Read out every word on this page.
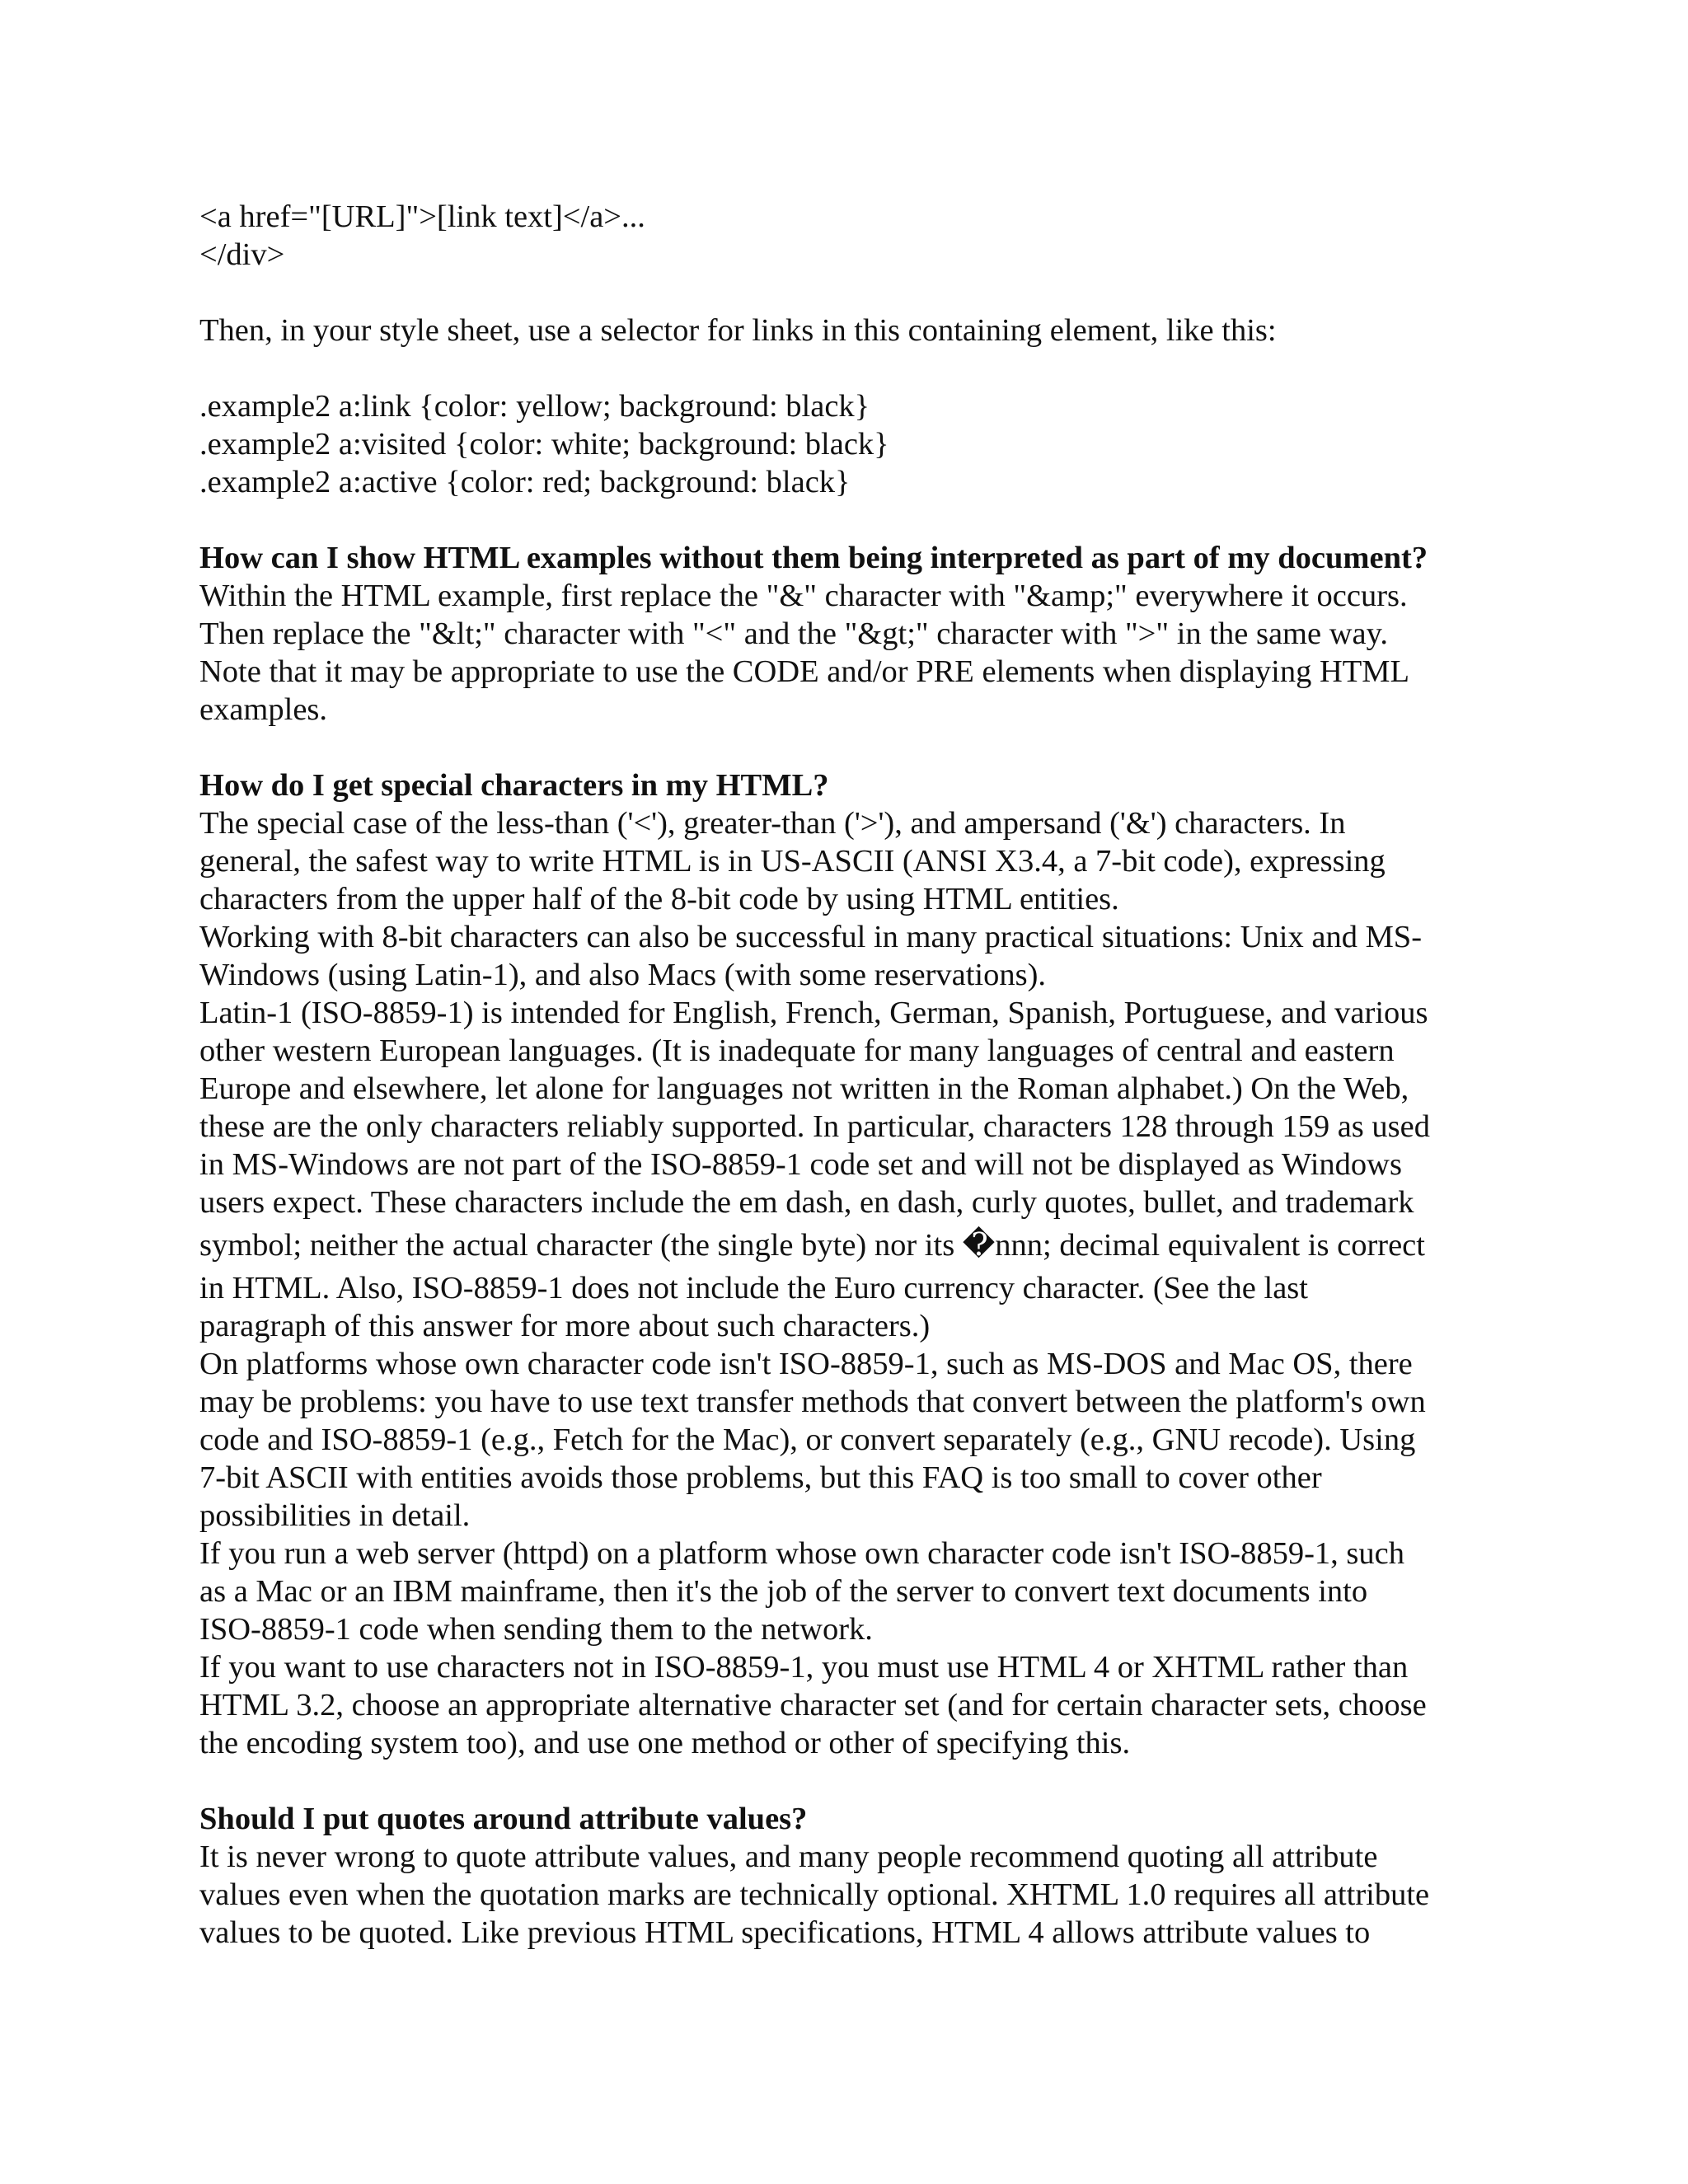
<a href="[URL]">[link text]</a>...
</div>
Then, in your style sheet, use a selector for links in this containing element, like this:
.example2 a:link {color: yellow; background: black}
.example2 a:visited {color: white; background: black}
.example2 a:active {color: red; background: black}
How can I show HTML examples without them being interpreted as part of my document?
Within the HTML example, first replace the "&" character with "&amp;" everywhere it occurs.
Then replace the "&lt;" character with "<" and the "&gt;" character with ">" in the same way.
Note that it may be appropriate to use the CODE and/or PRE elements when displaying HTML
examples.
How do I get special characters in my HTML?
The special case of the less-than ('<'), greater-than ('>'), and ampersand ('&') characters. In
general, the safest way to write HTML is in US-ASCII (ANSI X3.4, a 7-bit code), expressing
characters from the upper half of the 8-bit code by using HTML entities.
Working with 8-bit characters can also be successful in many practical situations: Unix and MS-
Windows (using Latin-1), and also Macs (with some reservations).
Latin-1 (ISO-8859-1) is intended for English, French, German, Spanish, Portuguese, and various
other western European languages. (It is inadequate for many languages of central and eastern
Europe and elsewhere, let alone for languages not written in the Roman alphabet.) On the Web,
these are the only characters reliably supported. In particular, characters 128 through 159 as used
in MS-Windows are not part of the ISO-8859-1 code set and will not be displayed as Windows
users expect. These characters include the em dash, en dash, curly quotes, bullet, and trademark
symbol; neither the actual character (the single byte) nor its �nnn; decimal equivalent is correct
in HTML. Also, ISO-8859-1 does not include the Euro currency character. (See the last
paragraph of this answer for more about such characters.)
On platforms whose own character code isn't ISO-8859-1, such as MS-DOS and Mac OS, there
may be problems: you have to use text transfer methods that convert between the platform's own
code and ISO-8859-1 (e.g., Fetch for the Mac), or convert separately (e.g., GNU recode). Using
7-bit ASCII with entities avoids those problems, but this FAQ is too small to cover other
possibilities in detail.
If you run a web server (httpd) on a platform whose own character code isn't ISO-8859-1, such
as a Mac or an IBM mainframe, then it's the job of the server to convert text documents into
ISO-8859-1 code when sending them to the network.
If you want to use characters not in ISO-8859-1, you must use HTML 4 or XHTML rather than
HTML 3.2, choose an appropriate alternative character set (and for certain character sets, choose
the encoding system too), and use one method or other of specifying this.
Should I put quotes around attribute values?
It is never wrong to quote attribute values, and many people recommend quoting all attribute
values even when the quotation marks are technically optional. XHTML 1.0 requires all attribute
values to be quoted. Like previous HTML specifications, HTML 4 allows attribute values to
